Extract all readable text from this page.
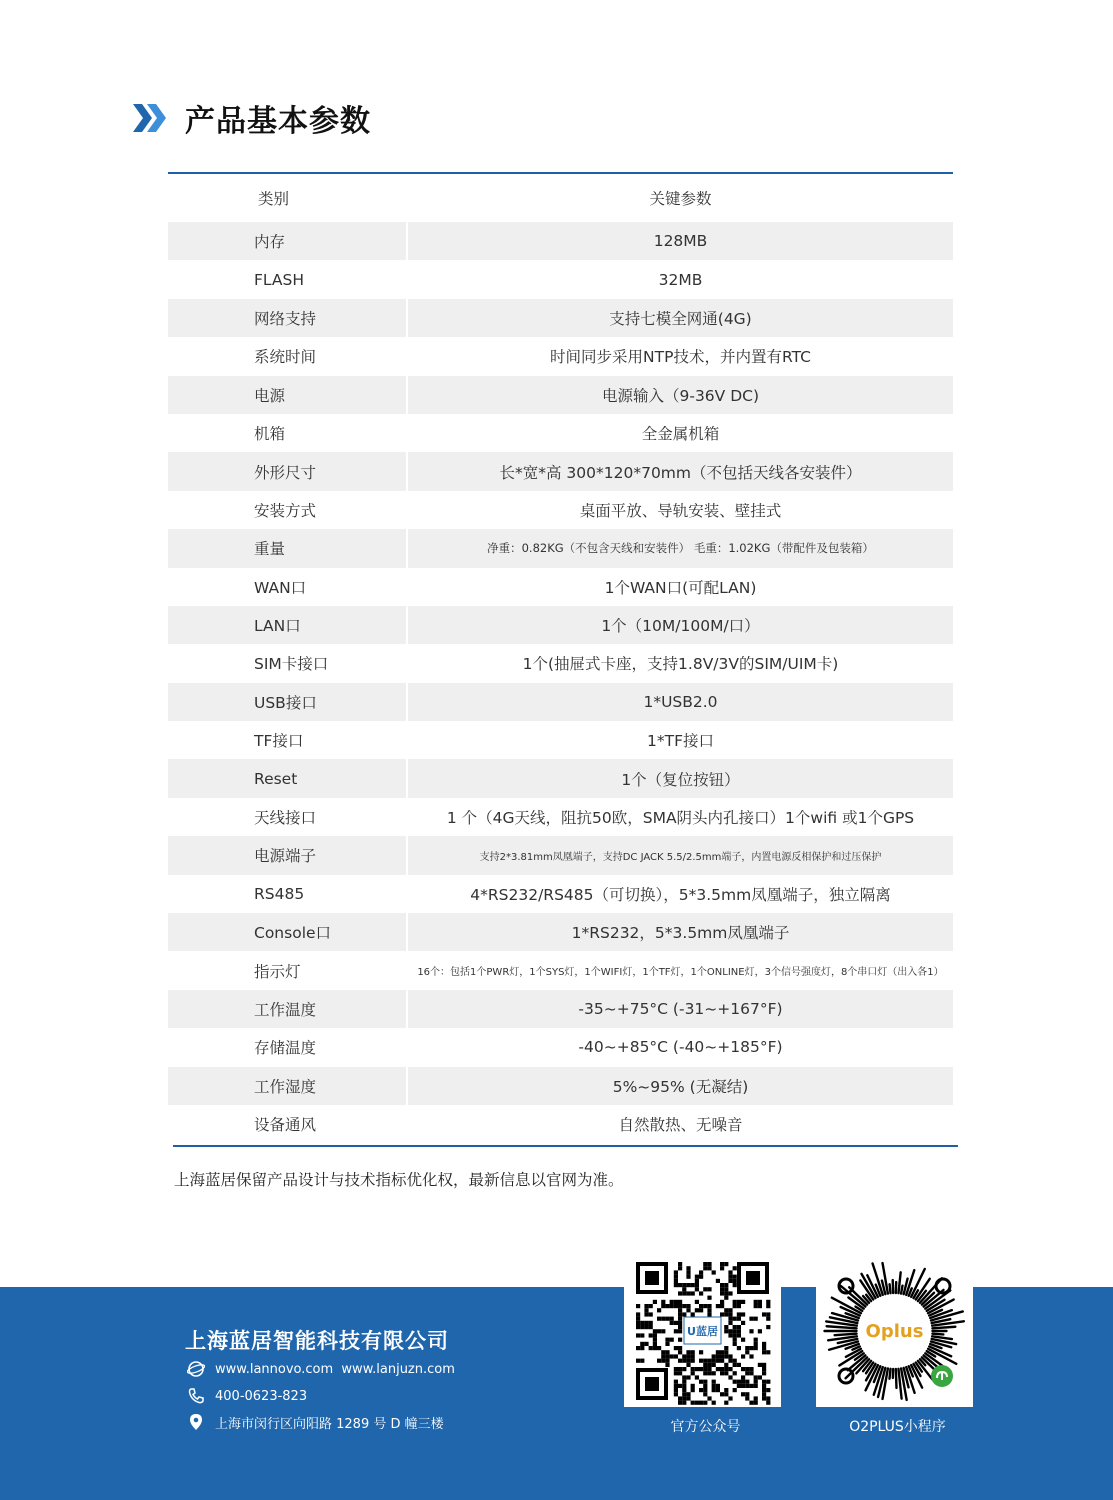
产品基本参数
类别	关键参数
内存	128MB
FLASH	32MB
网络支持	支持七模全网通(4G)
系统时间	时间同步采用NTP技术，并内置有RTC
电源	电源输入（9-36V DC)
机箱	全金属机箱
外形尺寸	长*宽*高 300*120*70mm（不包括天线各安装件）
安装方式	桌面平放、导轨安装、壁挂式
重量	净重：0.82KG（不包含天线和安装件） 毛重：1.02KG（带配件及包装箱）
WAN口	1个WAN口(可配LAN)
LAN口	1个（10M/100M/口）
SIM卡接口	1个(抽屉式卡座，支持1.8V/3V的SIM/UIM卡)
USB接口	1*USB2.0
TF接口	1*TF接口
Reset	1个（复位按钮）
天线接口	1 个（4G天线，阻抗50欧，SMA阴头内孔接口）1个wifi 或1个GPS
电源端子	支持2*3.81mm凤凰端子，支持DC JACK 5.5/2.5mm端子，内置电源反相保护和过压保护
RS485	4*RS232/RS485（可切换），5*3.5mm凤凰端子，独立隔离
Console口	1*RS232，5*3.5mm凤凰端子
指示灯	16个：包括1个PWR灯，1个SYS灯，1个WIFI灯，1个TF灯，1个ONLINE灯，3个信号强度灯，8个串口灯（出入各1）
工作温度	-35~+75°C (-31~+167°F)
存储温度	-40~+85°C (-40~+185°F)
工作湿度	5%~95% (无凝结)
设备通风	自然散热、无噪音
上海蓝居保留产品设计与技术指标优化权，最新信息以官网为准。
上海蓝居智能科技有限公司
www.lannovo.com  www.lanjuzn.com
400-0623-823
上海市闵行区向阳路 1289 号 D 幢三楼
U蓝居
官方公众号
Oplus
O2PLUS小程序
